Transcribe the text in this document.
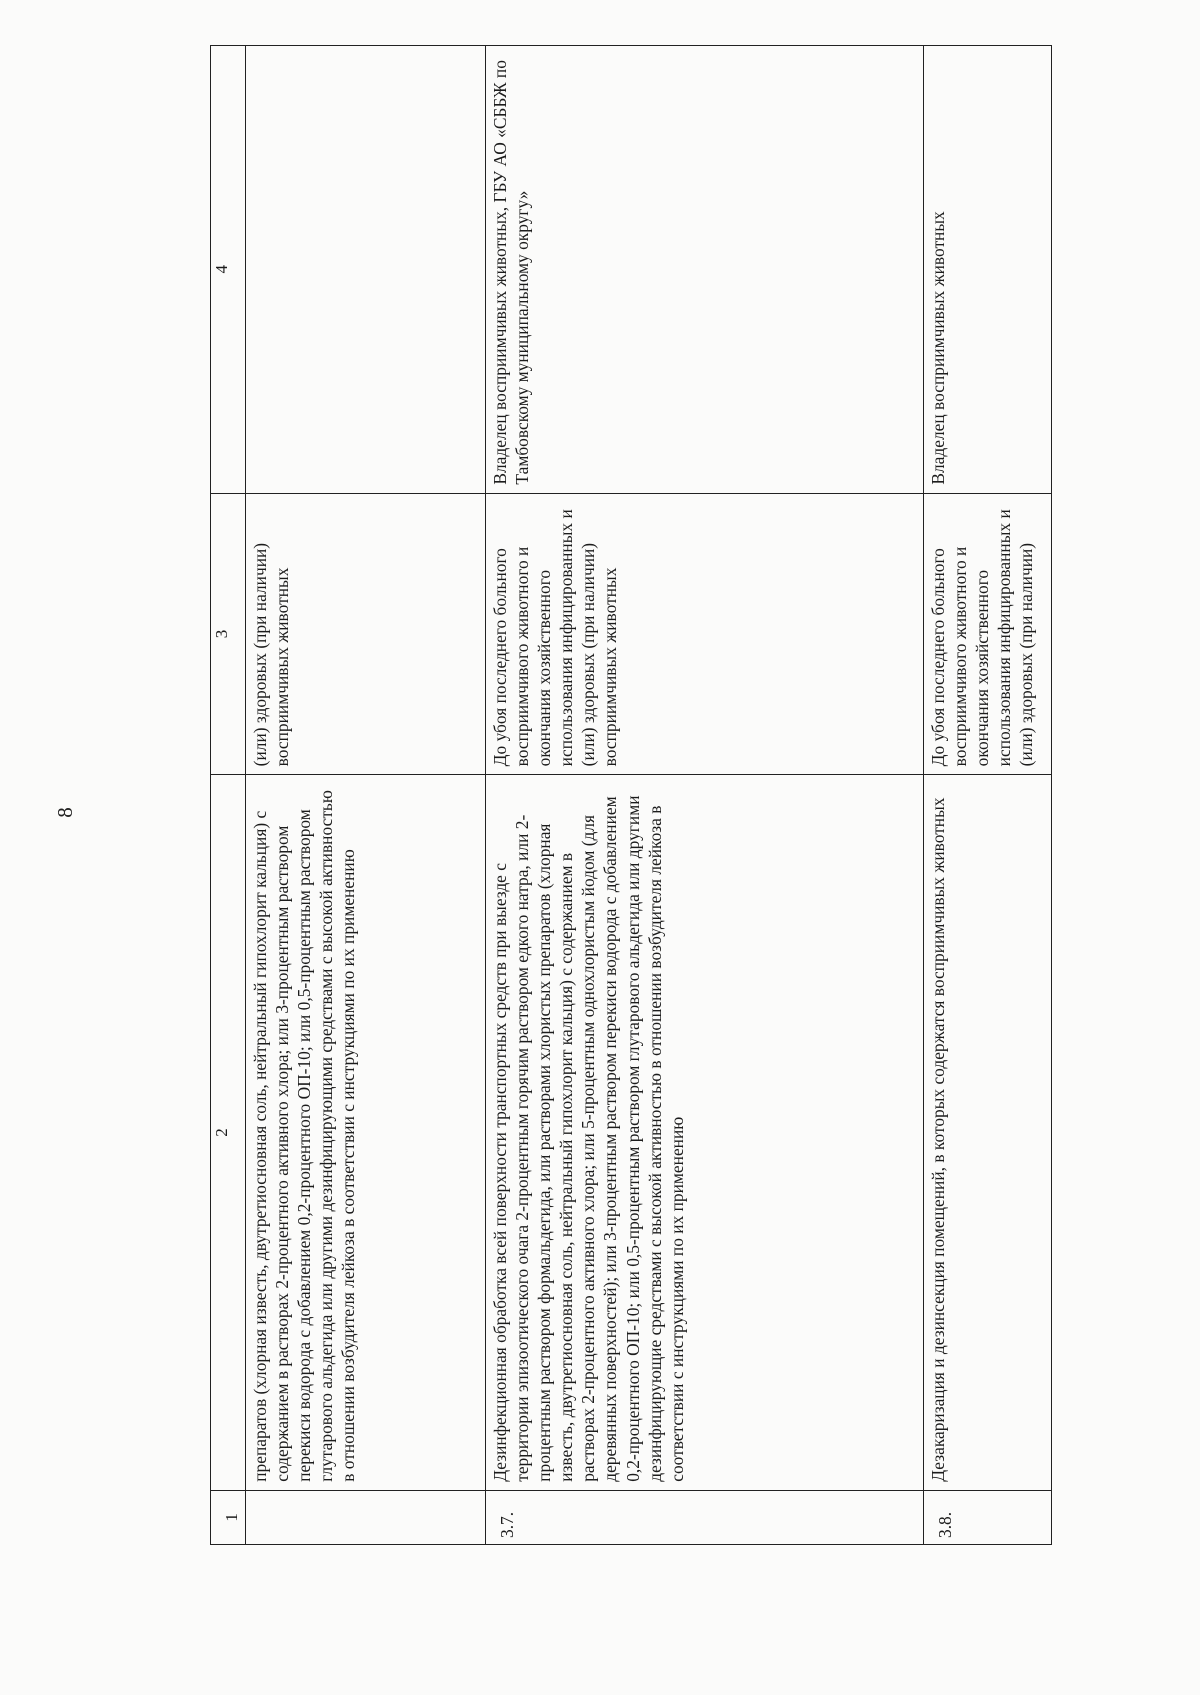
8
1	2	3	4
	препаратов (хлорная известь, двутретиосновная соль, нейтральный гипохлорит кальция) с содержанием в растворах 2-процентного активного хлора; или 3-процентным раствором перекиси водорода с добавлением 0,2-процентного ОП-10; или 0,5-процентным раствором глутарового альдегида или другими дезинфицирующими средствами с высокой активностью в отношении возбудителя лейкоза в соответствии с инструкциями по их применению	(или) здоровых (при наличии) восприимчивых животных	
3.7.	Дезинфекционная обработка всей поверхности транспортных средств при выезде с территории эпизоотического очага 2-процентным горячим раствором едкого натра, или 2-процентным раствором формальдегида, или растворами хлористых препаратов (хлорная известь, двутретиосновная соль, нейтральный гипохлорит кальция) с содержанием в растворах 2-процентного активного хлора; или 5-процентным однохлористым йодом (для деревянных поверхностей); или 3-процентным раствором перекиси водорода с добавлением 0,2-процентного ОП-10; или 0,5-процентным раствором глутарового альдегида или другими дезинфицирующие средствами с высокой активностью в отношении возбудителя лейкоза в соответствии с инструкциями по их применению	До убоя последнего больного восприимчивого животного и окончания хозяйственного использования инфицированных и (или) здоровых (при наличии) восприимчивых животных	Владелец восприимчивых животных, ГБУ АО «СББЖ по Тамбовскому муниципальному округу»
3.8.	Дезакаризация и дезинсекция помещений, в которых содержатся восприимчивых животных	До убоя последнего больного восприимчивого животного и окончания хозяйственного использования инфицированных и (или) здоровых (при наличии)	Владелец восприимчивых животных
